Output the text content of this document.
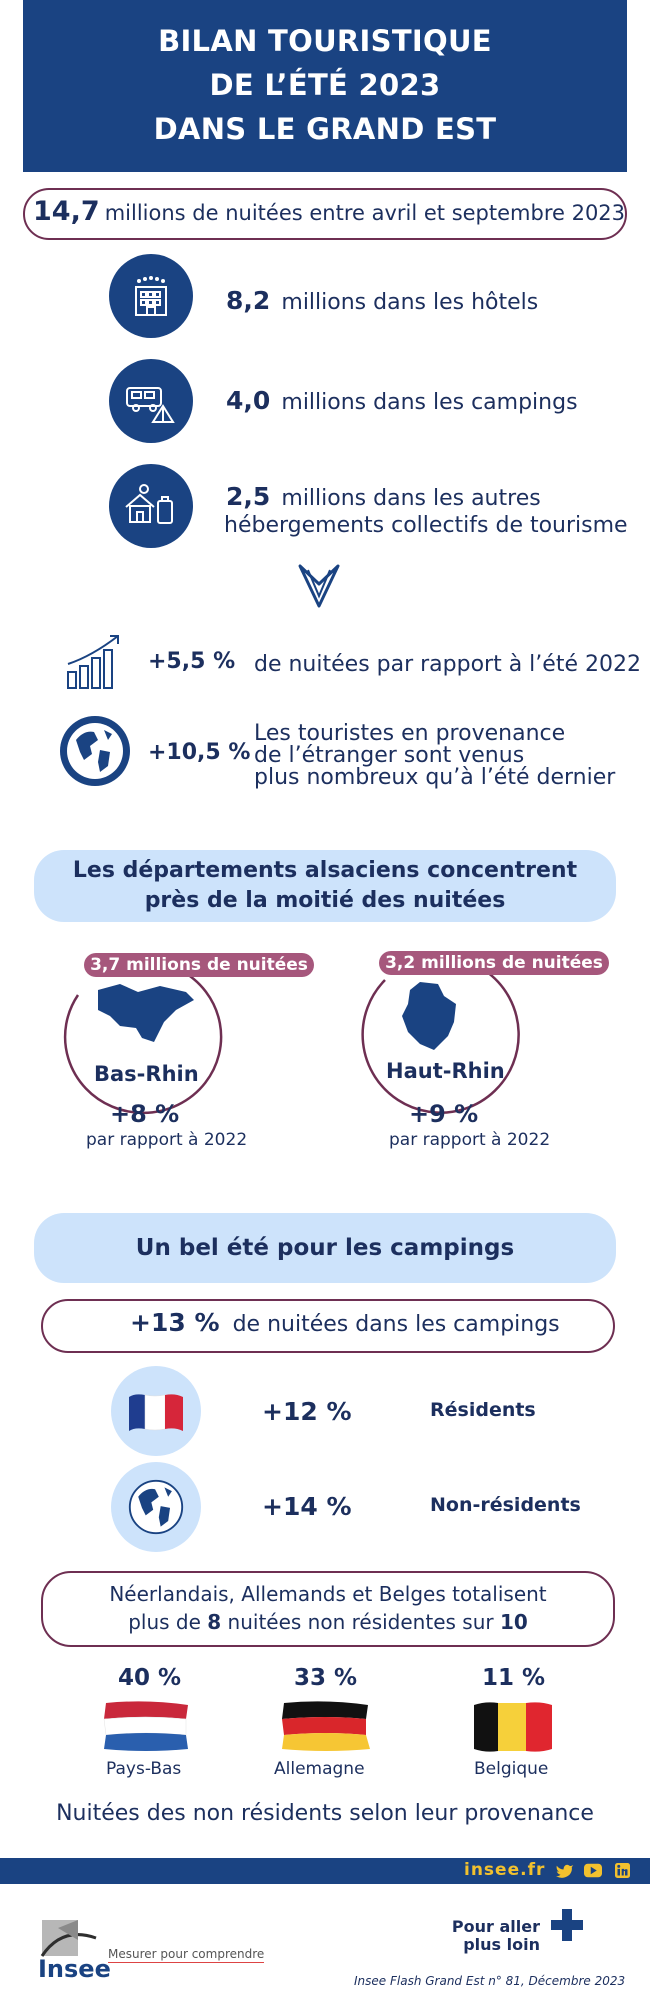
BILAN TOURISTIQUE
DE L’ÉTÉ 2023
DANS LE GRAND EST
14,7 millions de nuitées entre avril et septembre 2023
8,2 millions dans les hôtels
4,0 millions dans les campings
2,5 millions dans les autres
hébergements collectifs de tourisme
+5,5 % de nuitées par rapport à l’été 2022
+10,5 %
Les touristes en provenance
de l’étranger sont venus
plus nombreux qu’à l’été dernier
Les départements alsaciens concentrent
près de la moitié des nuitées
3,7 millions de nuitées
Bas-Rhin
+8 %
par rapport à 2022
3,2 millions de nuitées
Haut-Rhin
+9 %
par rapport à 2022
Un bel été pour les campings
+13 % de nuitées dans les campings
+12 %	Résidents
+14 %	Non-résidents
Néerlandais, Allemands et Belges totalisent
plus de 8 nuitées non résidentes sur 10
40 %
Pays-Bas
33 %
Allemagne
11 %
Belgique
Nuitées des non résidents selon leur provenance
insee.fr
Insee
Mesurer pour comprendre
Pour aller
plus loin
Insee Flash Grand Est n° 81, Décembre 2023
